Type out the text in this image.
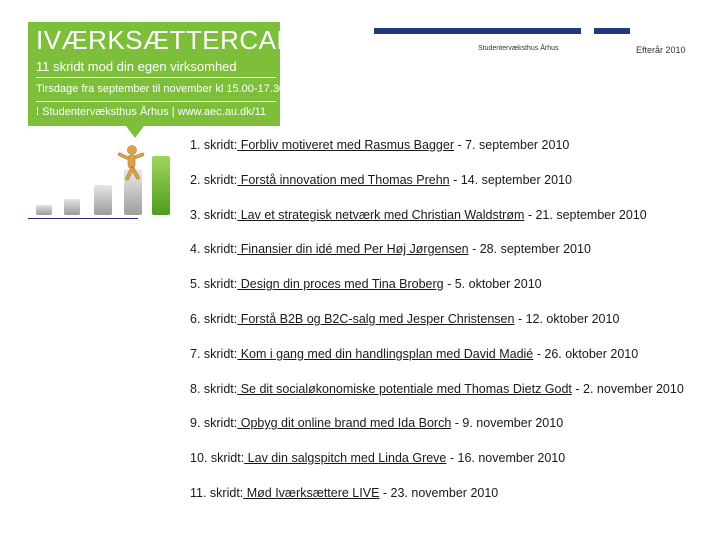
IVÆRKSÆTTERCAFÉ
11 skridt mod din egen virksomhed
Tirsdage fra september til november kl 15.00-17.30
I Studentervæksthus Århus | www.aec.au.dk/11
Studentervæksthus Århus	Efterår 2010
1. skridt: Forbliv motiveret med Rasmus Bagger - 7. september 2010
2. skridt: Forstå innovation med Thomas Prehn - 14. september 2010
3. skridt: Lav et strategisk netværk med Christian Waldstrøm - 21. september 2010
4. skridt: Finansier din idé med Per Høj Jørgensen - 28. september 2010
5. skridt: Design din proces med Tina Broberg - 5. oktober 2010
6. skridt: Forstå B2B og B2C-salg med Jesper Christensen - 12. oktober 2010
7. skridt: Kom i gang med din handlingsplan med David Madié - 26. oktober 2010
8. skridt: Se dit socialøkonomiske potentiale med Thomas Dietz Godt - 2. november 2010
9. skridt: Opbyg dit online brand med Ida Borch - 9. november 2010
10. skridt: Lav din salgspitch med Linda Greve - 16. november 2010
11. skridt: Mød Iværksættere LIVE - 23. november 2010
